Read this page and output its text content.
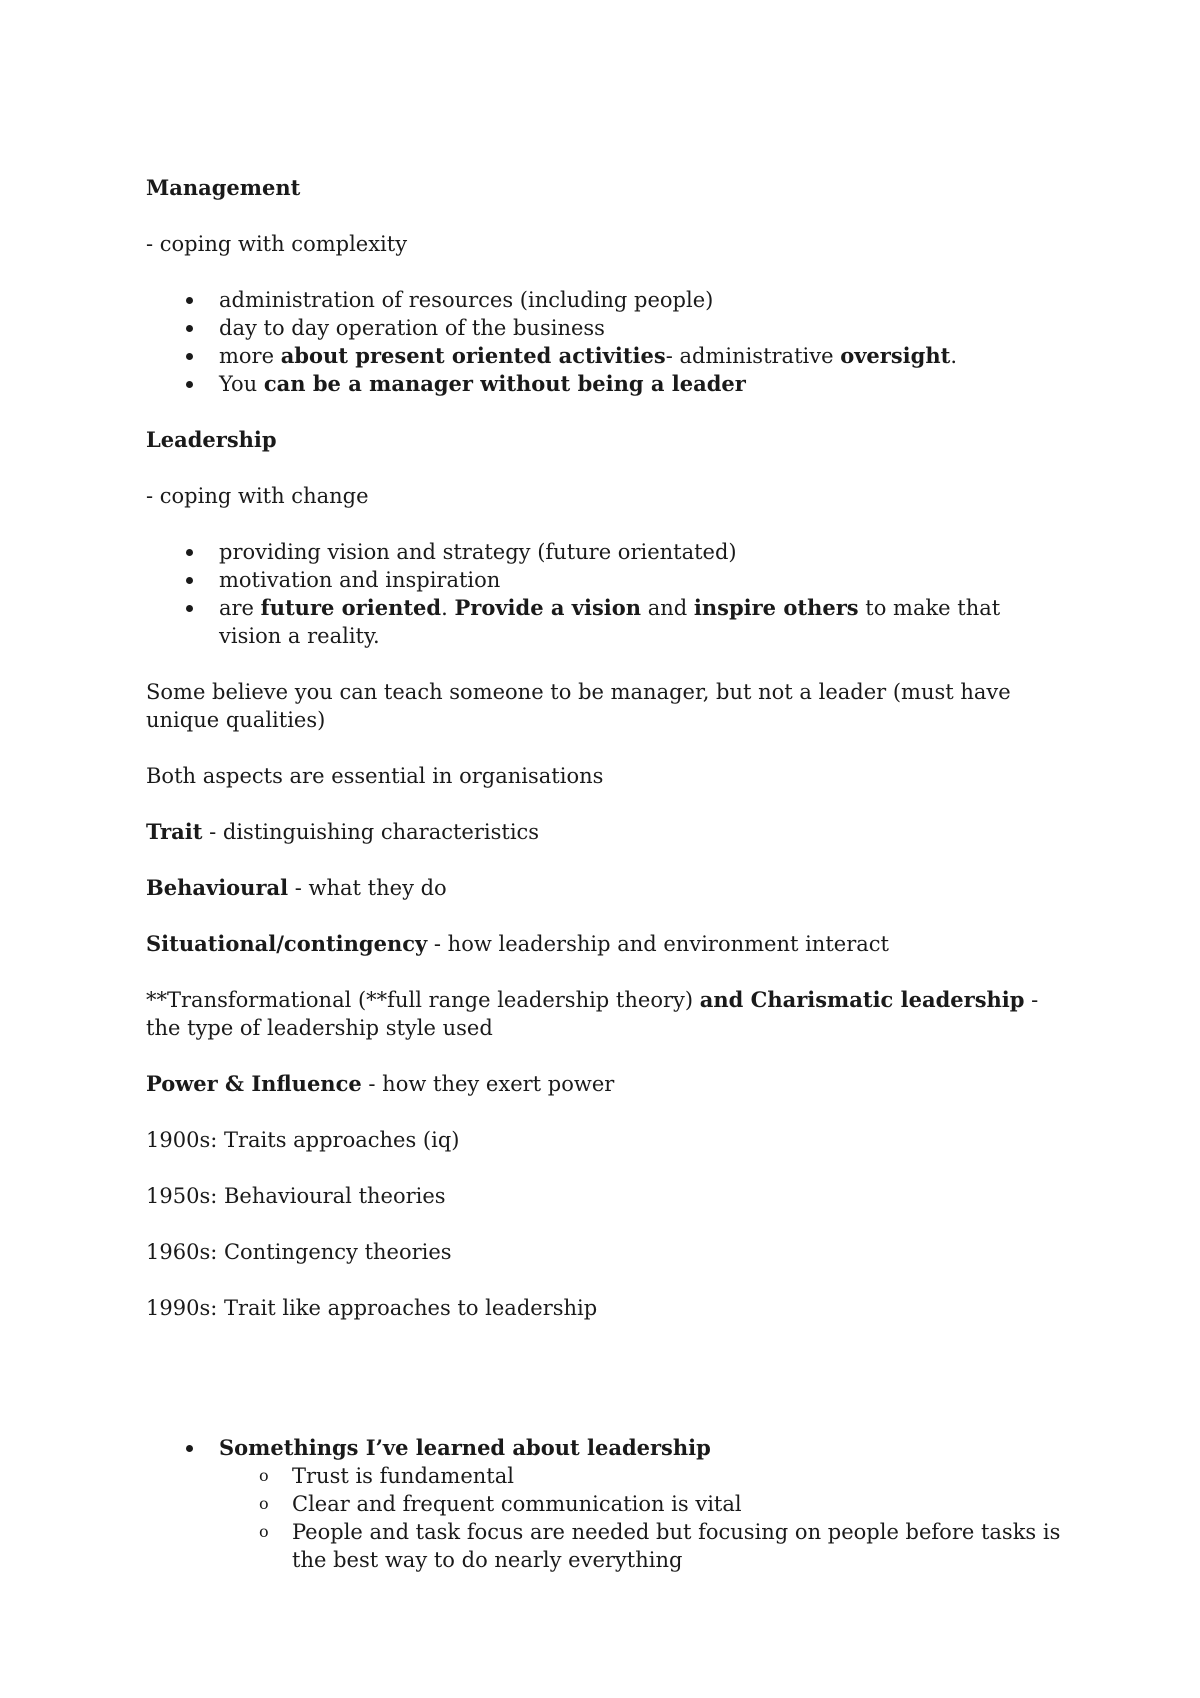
Management

- coping with complexity

administration of resources (including people)
day to day operation of the business
more about present oriented activities- administrative oversight.
You can be a manager without being a leader
Leadership

- coping with change

providing vision and strategy (future orientated)
motivation and inspiration
are future oriented. Provide a vision and inspire others to make that vision a reality.

Some believe you can teach someone to be manager, but not a leader (must have unique qualities)

Both aspects are essential in organisations

Trait - distinguishing characteristics

Behavioural - what they do

Situational/contingency - how leadership and environment interact

**Transformational (**full range leadership theory) and Charismatic leadership - the type of leadership style used

Power & Influence - how they exert power

1900s: Traits approaches (iq)

1950s: Behavioural theories

1960s: Contingency theories

1990s: Trait like approaches to leadership

Somethings I’ve learned about leadership
o Trust is fundamental
o Clear and frequent communication is vital
o People and task focus are needed but focusing on people before tasks is the best way to do nearly everything
